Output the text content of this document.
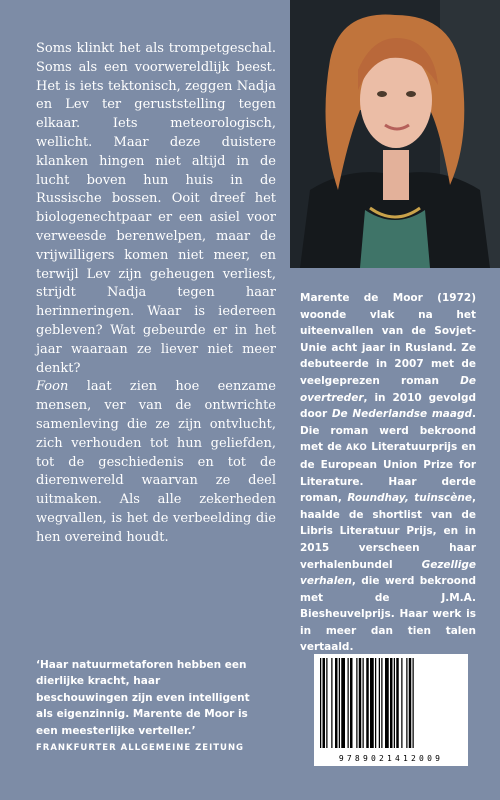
Soms klinkt het als trompetgeschal. Soms als een voorwereldlijk beest. Het is iets tektonisch, zeggen Nadja en Lev ter geruststelling tegen elkaar. Iets meteorologisch, wellicht. Maar deze duistere klanken hingen niet altijd in de lucht boven hun huis in de Russische bossen. Ooit dreef het biologenechtpaar er een asiel voor verweesde berenwelpen, maar de vrijwilligers komen niet meer, en terwijl Lev zijn geheugen verliest, strijdt Nadja tegen haar herinneringen. Waar is iedereen gebleven? Wat gebeurde er in het jaar waaraan ze liever niet meer denkt?

Foon laat zien hoe eenzame mensen, ver van de ontwrichte samenleving die ze zijn ontvlucht, zich verhouden tot hun geliefden, tot de geschiedenis en tot de dierenwereld waarvan ze deel uitmaken. Als alle zekerheden wegvallen, is het de verbeelding die hen overeind houdt.

Marente de Moor (1972) woonde vlak na het uiteenvallen van de Sovjet-Unie acht jaar in Rusland. Ze debuteerde in 2007 met de veelgeprezen roman De overtreder, in 2010 gevolgd door De Nederlandse maagd. Die roman werd bekroond met de AKO Literatuurprijs en de European Union Prize for Literature. Haar derde roman, Roundhay, tuinscène, haalde de shortlist van de Libris Literatuur Prijs, en in 2015 verscheen haar verhalenbundel Gezellige verhalen, die werd bekroond met de J.M.A. Biesheuvelprijs. Haar werk is in meer dan tien talen vertaald.

‘Haar natuurmetaforen hebben een dierlijke kracht, haar beschouwingen zijn even intelligent als eigenzinnig. Marente de Moor is een meesterlijke verteller.’ FRANKFURTER ALLGEMEINE ZEITUNG

9789021412009
